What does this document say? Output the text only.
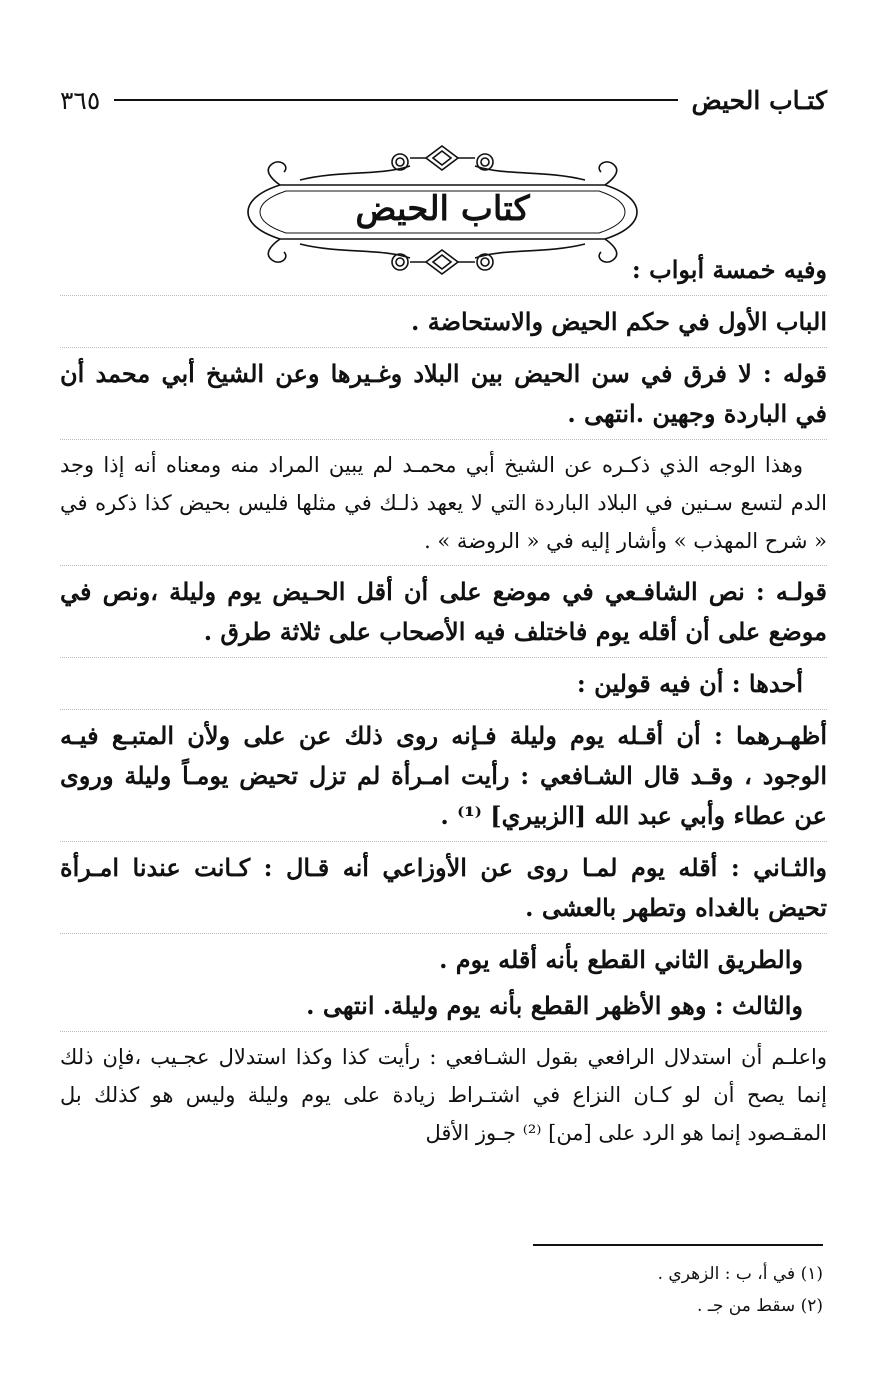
كتـاب الحيض
٣٦٥
كتاب الحيض

وفيه خمسة أبواب :

الباب الأول في حكم الحيض والاستحاضة .

قوله : لا فرق في سن الحيض بين البلاد وغـيرها وعن الشيخ أبي محمد أن في الباردة وجهين .انتهى .

وهذا الوجه الذي ذكـره عن الشيخ أبي محمـد لم يبين المراد منه ومعناه أنه إذا وجد الدم لتسع سـنين في البلاد الباردة التي لا يعهد ذلـك في مثلها فليس بحيض كذا ذكره في « شرح المهذب » وأشار إليه في « الروضة » .

قولـه : نص الشافـعي في موضع على أن أقل الحـيض يوم وليلة ،ونص في موضع على أن أقله يوم فاختلف فيه الأصحاب على ثلاثة طرق .

أحدها : أن فيه قولين :

أظهـرهما : أن أقـله يوم وليلة فـإنه روى ذلك عن على ولأن المتبـع فيـه الوجود ، وقـد قال الشـافعي : رأيت امـرأة لم تزل تحيض يومـاً وليلة وروى عن عطاء وأبي عبد الله [الزبيري] ⁽¹⁾ .

والثـاني : أقله يوم لمـا روى عن الأوزاعي أنه قـال : كـانت عندنا امـرأة تحيض بالغداه وتطهر بالعشى .

والطريق الثاني القطع بأنه أقله يوم .

والثالث : وهو الأظهر القطع بأنه يوم وليلة. انتهى .

واعلـم أن استدلال الرافعي بقول الشـافعي : رأيت كذا وكذا استدلال عجـيب ،فإن ذلك إنما يصح أن لو كـان النزاع في اشتـراط زيادة على يوم وليلة وليس هو كذلك بل المقـصود إنما هو الرد على [من] ⁽²⁾ جـوز الأقل

(١) في أ، ب : الزهري .

(٢) سقط من جـ .
